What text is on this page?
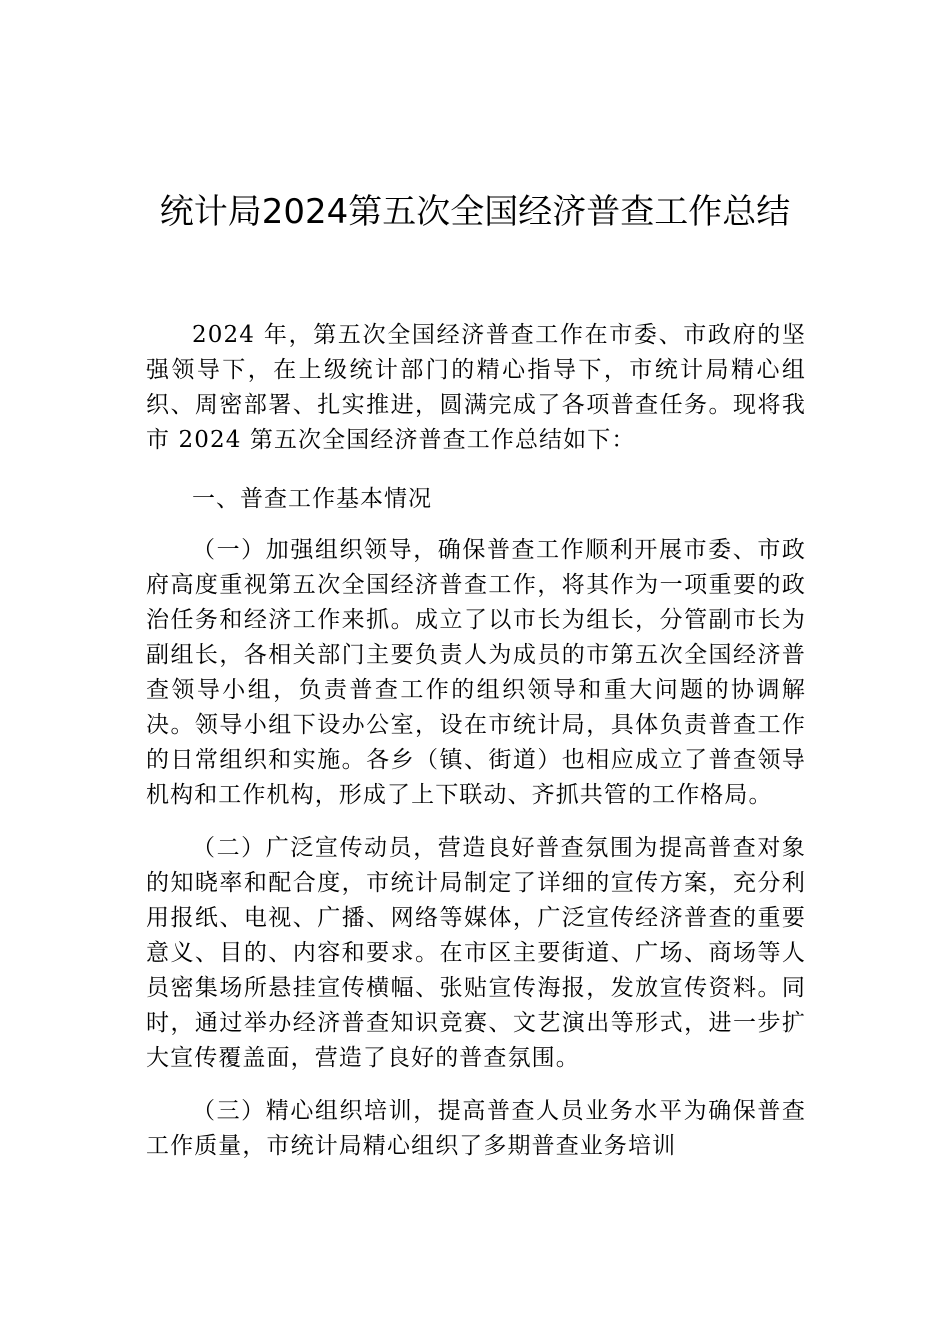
统计局2024第五次全国经济普查工作总结

2024 年，第五次全国经济普查工作在市委、市政府的坚强领导下，在上级统计部门的精心指导下，市统计局精心组织、周密部署、扎实推进，圆满完成了各项普查任务。现将我市 2024 第五次全国经济普查工作总结如下：

一、普查工作基本情况

（一）加强组织领导，确保普查工作顺利开展市委、市政府高度重视第五次全国经济普查工作，将其作为一项重要的政治任务和经济工作来抓。成立了以市长为组长，分管副市长为副组长，各相关部门主要负责人为成员的市第五次全国经济普查领导小组，负责普查工作的组织领导和重大问题的协调解决。领导小组下设办公室，设在市统计局，具体负责普查工作的日常组织和实施。各乡（镇、街道）也相应成立了普查领导机构和工作机构，形成了上下联动、齐抓共管的工作格局。

（二）广泛宣传动员，营造良好普查氛围为提高普查对象的知晓率和配合度，市统计局制定了详细的宣传方案，充分利用报纸、电视、广播、网络等媒体，广泛宣传经济普查的重要意义、目的、内容和要求。在市区主要街道、广场、商场等人员密集场所悬挂宣传横幅、张贴宣传海报，发放宣传资料。同时，通过举办经济普查知识竞赛、文艺演出等形式，进一步扩大宣传覆盖面，营造了良好的普查氛围。

（三）精心组织培训，提高普查人员业务水平为确保普查工作质量，市统计局精心组织了多期普查业务培训
